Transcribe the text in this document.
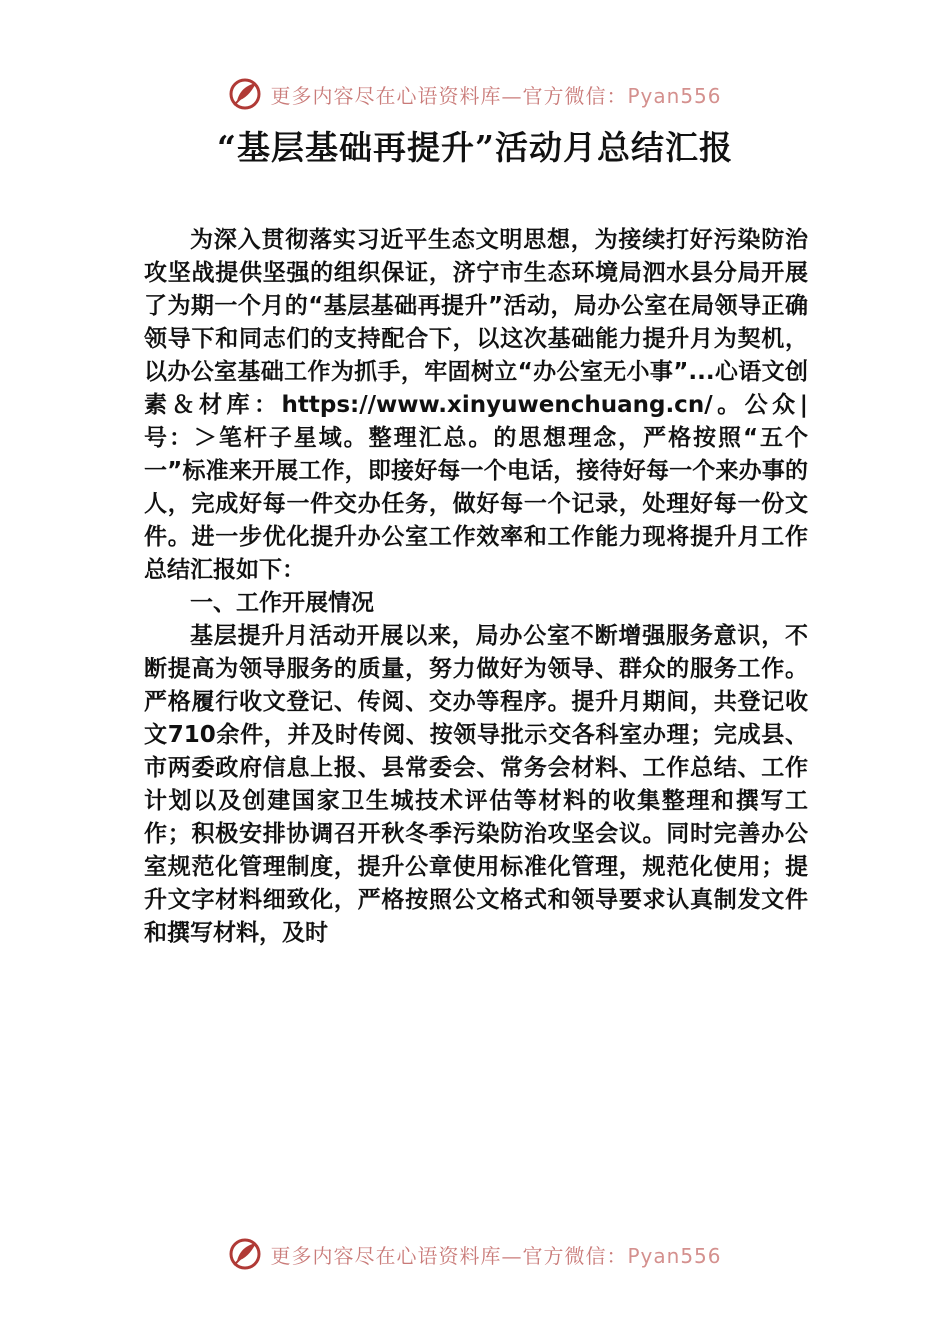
更多内容尽在心语资料库—官方微信：Pyan556
“基层基础再提升”活动月总结汇报

为深入贯彻落实习近平生态文明思想，为接续打好污染防治攻坚战提供坚强的组织保证，济宁市生态环境局泗水县分局开展了为期一个月的“基层基础再提升”活动，局办公室在局领导正确领导下和同志们的支持配合下，以这次基础能力提升月为契机，以办公室基础工作为抓手，牢固树立“办公室无小事”...心语文创素＆材库：https://www.xinyuwenchuang.cn/。公众|号：＞笔杆子星域。整理汇总。的思想理念，严格按照“五个一”标准来开展工作，即接好每一个电话，接待好每一个来办事的人，完成好每一件交办任务，做好每一个记录，处理好每一份文件。进一步优化提升办公室工作效率和工作能力现将提升月工作总结汇报如下：

一、工作开展情况

基层提升月活动开展以来，局办公室不断增强服务意识，不断提高为领导服务的质量，努力做好为领导、群众的服务工作。严格履行收文登记、传阅、交办等程序。提升月期间，共登记收文710余件，并及时传阅、按领导批示交各科室办理；完成县、市两委政府信息上报、县常委会、常务会材料、工作总结、工作计划以及创建国家卫生城技术评估等材料的收集整理和撰写工作；积极安排协调召开秋冬季污染防治攻坚会议。同时完善办公室规范化管理制度，提升公章使用标准化管理，规范化使用；提升文字材料细致化，严格按照公文格式和领导要求认真制发文件和撰写材料，及时

更多内容尽在心语资料库—官方微信：Pyan556
